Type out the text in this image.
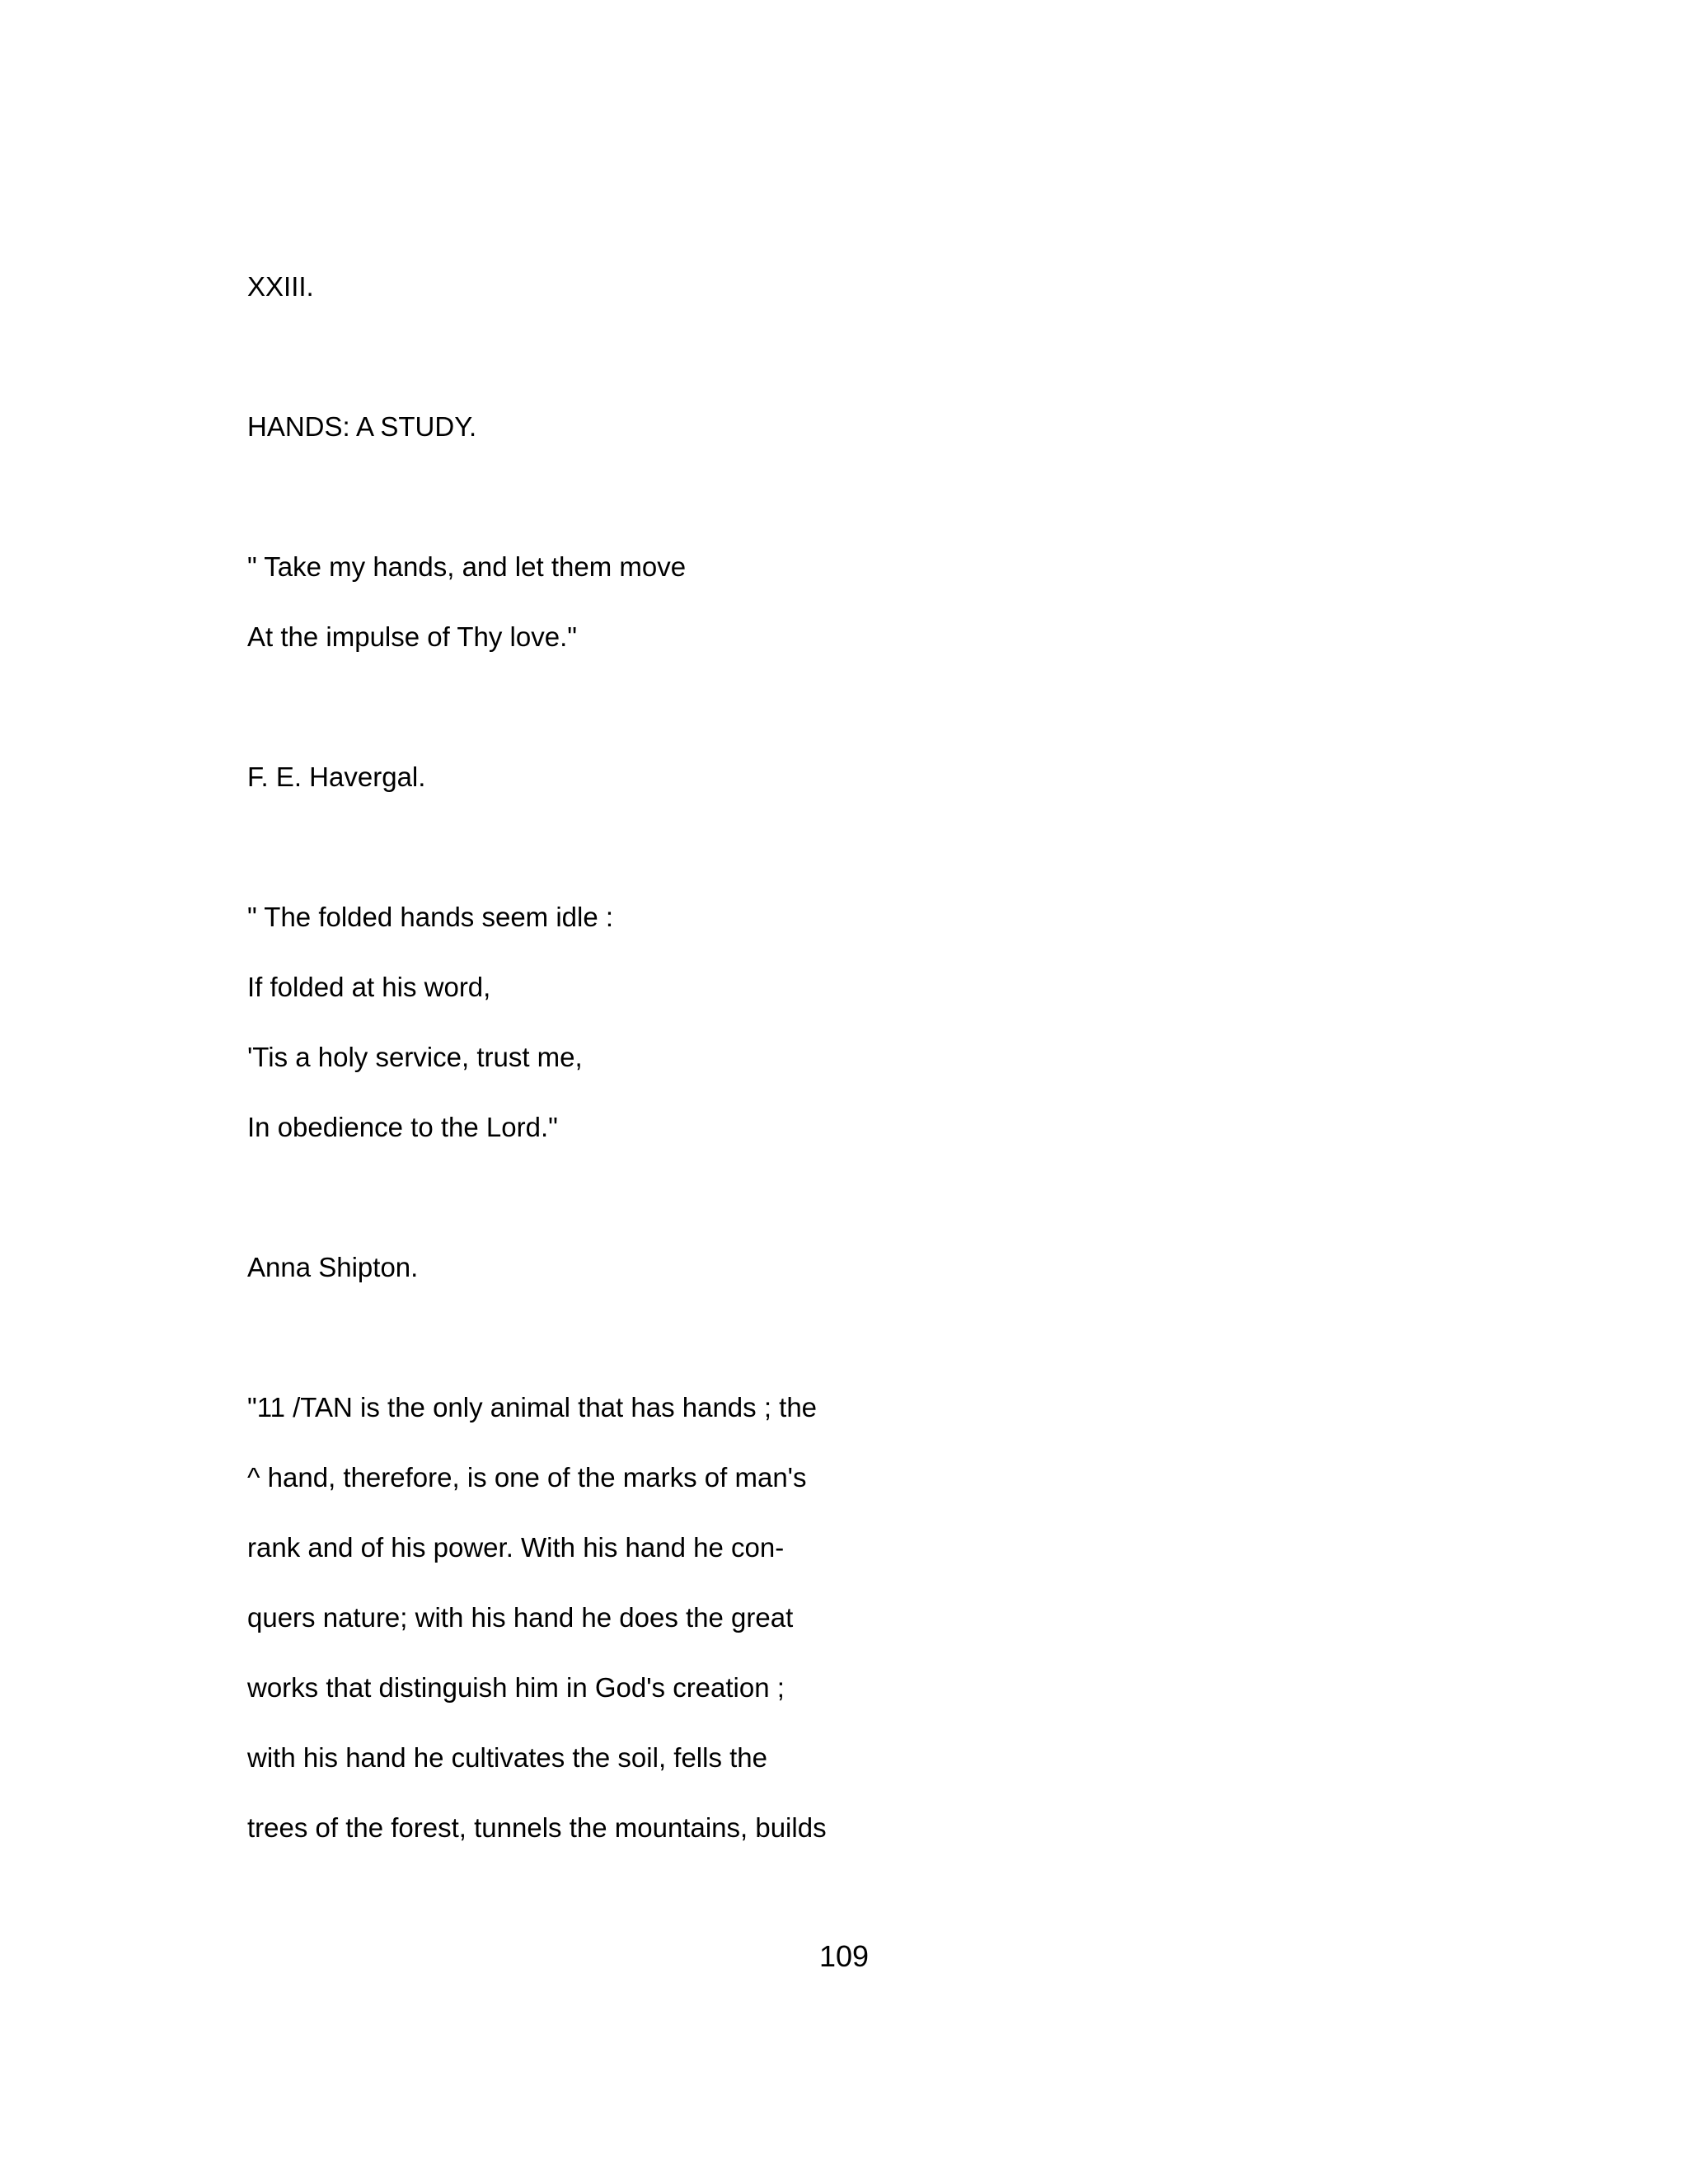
XXIII.
HANDS: A STUDY.
" Take my hands, and let them move
At the impulse of Thy love."
F. E. Havergal.
" The folded hands seem idle :
If folded at his word,
'Tis a holy service, trust me,
In obedience to the Lord."
Anna Shipton.
"11 /TAN is the only animal that has hands ; the
^ hand, therefore, is one of the marks of man's
rank and of his power. With his hand he con-
quers nature; with his hand he does the great
works that distinguish him in God's creation ;
with his hand he cultivates the soil, fells the
trees of the forest, tunnels the mountains, builds
109
